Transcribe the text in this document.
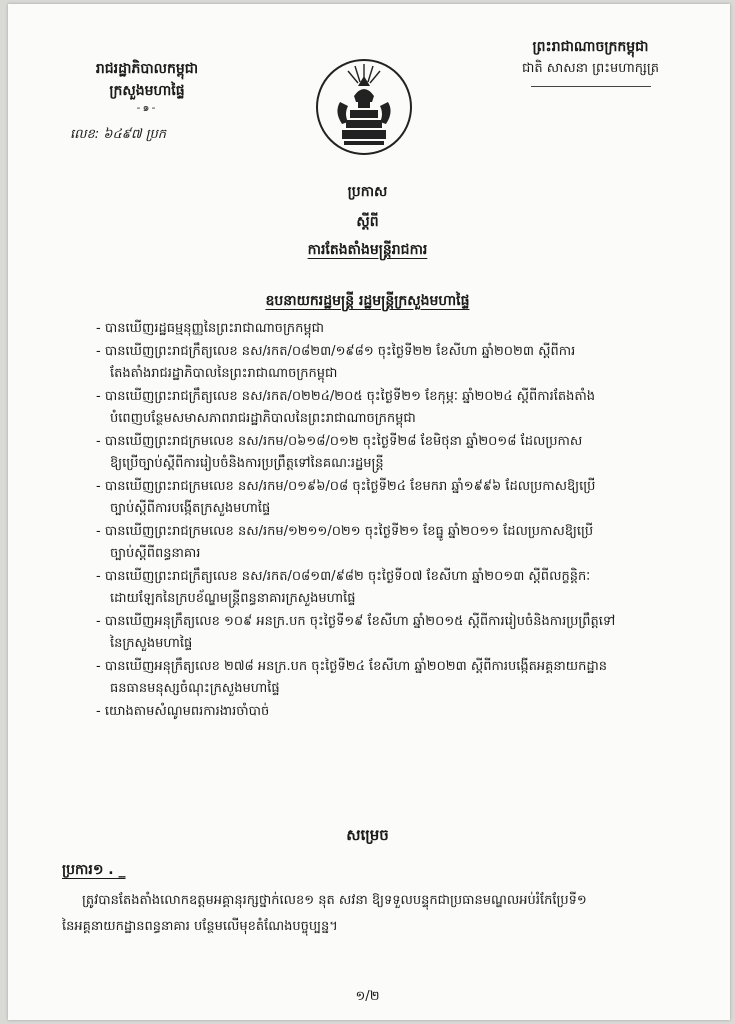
រាជរដ្ឋាភិបាលកម្ពុជា
ក្រសួងមហាផ្ទៃ
-๑-
លេខ: ៦៤៩៧ ប្រក
ព្រះរាជាណាចក្រកម្ពុជា
ជាតិ សាសនា ព្រះមហាក្សត្រ
ប្រកាស
ស្ដីពី
ការតែងតាំងមន្ត្រីរាជការ
ឧបនាយករដ្ឋមន្ត្រី រដ្ឋមន្ត្រីក្រសួងមហាផ្ទៃ
- បានឃើញរដ្ឋធម្មនុញ្ញនៃព្រះរាជាណាចក្រកម្ពុជា
- បានឃើញព្រះរាជក្រឹត្យលេខ នស/រកត/០៨២៣/១៩៨១ ចុះថ្ងៃទី២២ ខែសីហា ឆ្នាំ២០២៣ ស្ដីពីការ
តែងតាំងរាជរដ្ឋាភិបាលនៃព្រះរាជាណាចក្រកម្ពុជា
- បានឃើញព្រះរាជក្រឹត្យលេខ នស/រកត/០២២៤/២០៥ ចុះថ្ងៃទី២១ ខែកុម្ភៈ ឆ្នាំ២០២៤ ស្ដីពីការតែងតាំង
បំពេញបន្ថែមសមាសភាពរាជរដ្ឋាភិបាលនៃព្រះរាជាណាចក្រកម្ពុជា
- បានឃើញព្រះរាជក្រមលេខ នស/រកម/០៦១៨/០១២ ចុះថ្ងៃទី២៨ ខែមិថុនា ឆ្នាំ២០១៨ ដែលប្រកាស
ឱ្យប្រើច្បាប់ស្ដីពីការរៀបចំនិងការប្រព្រឹត្តទៅនៃគណៈរដ្ឋមន្ត្រី
- បានឃើញព្រះរាជក្រមលេខ នស/រកម/០១៩៦/០៨ ចុះថ្ងៃទី២៤ ខែមករា ឆ្នាំ១៩៩៦ ដែលប្រកាសឱ្យប្រើ
ច្បាប់ស្ដីពីការបង្កើតក្រសួងមហាផ្ទៃ
- បានឃើញព្រះរាជក្រមលេខ នស/រកម/១២១១/០២១ ចុះថ្ងៃទី២១ ខែធ្នូ ឆ្នាំ២០១១ ដែលប្រកាសឱ្យប្រើ
ច្បាប់ស្ដីពីពន្ធនាគារ
- បានឃើញព្រះរាជក្រឹត្យលេខ នស/រកត/០៨១៣/៩៨២ ចុះថ្ងៃទី០៧ ខែសីហា ឆ្នាំ២០១៣ ស្ដីពីលក្ខន្តិកៈ
ដោយឡែកនៃក្របខ័ណ្ឌមន្ត្រីពន្ធនាគារក្រសួងមហាផ្ទៃ
- បានឃើញអនុក្រឹត្យលេខ ១០៩ អនក្រ.បក ចុះថ្ងៃទី១៩ ខែសីហា ឆ្នាំ២០១៥ ស្ដីពីការរៀបចំនិងការប្រព្រឹត្តទៅ
នៃក្រសួងមហាផ្ទៃ
- បានឃើញអនុក្រឹត្យលេខ ២៧៨ អនក្រ.បក ចុះថ្ងៃទី២៤ ខែសីហា ឆ្នាំ២០២៣ ស្ដីពីការបង្កើតអគ្គនាយកដ្ឋាន
ធនធានមនុស្សចំណុះក្រសួងមហាផ្ទៃ
- យោងតាមសំណូមពរការងារចាំបាច់
សម្រេច
ប្រការ១ . _
ត្រូវបានតែងតាំងលោកឧត្តមអគ្គានុរក្សថ្នាក់លេខ១ នុត សវនា ឱ្យទទួលបន្ទុកជាប្រធានមណ្ឌលអប់រំកែប្រែទី១
នៃអគ្គនាយកដ្ឋានពន្ធនាគារ បន្ថែមលើមុខតំណែងបច្ចុប្បន្ន។
១/២
